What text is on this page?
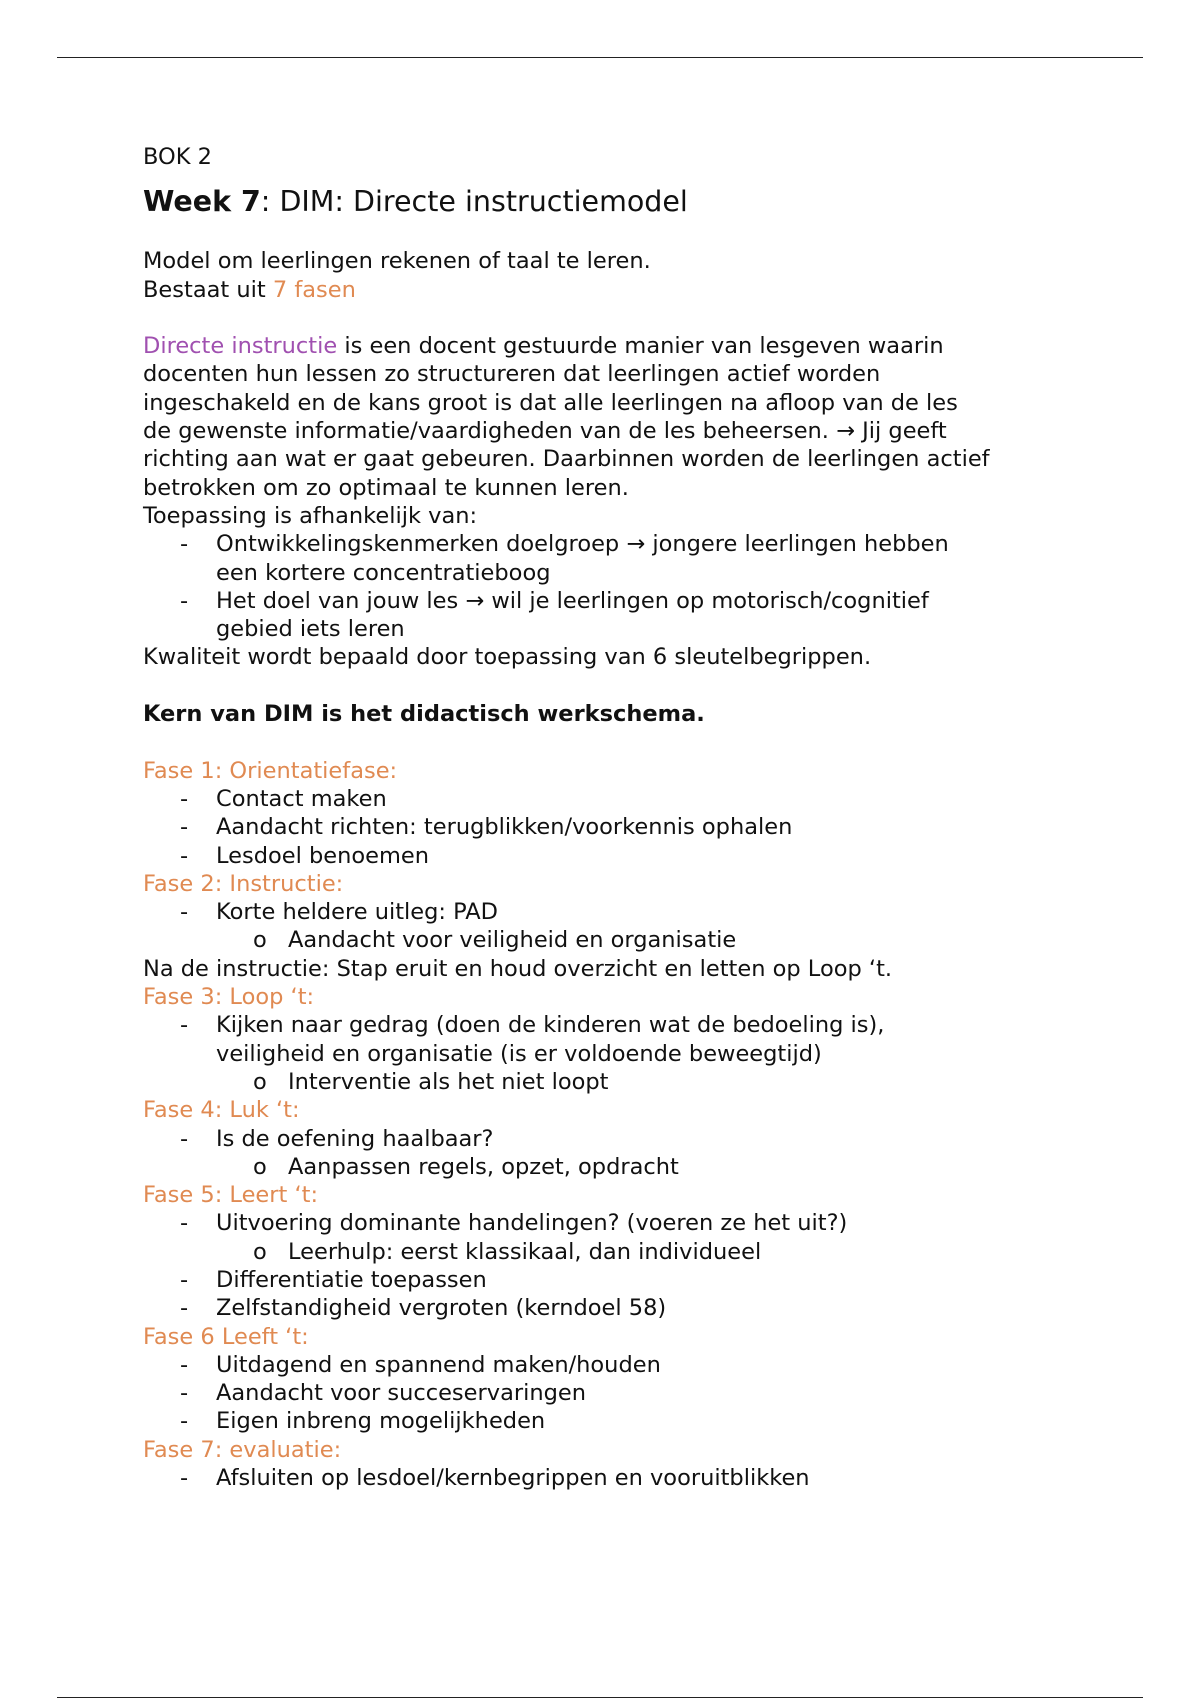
BOK 2
Week 7: DIM: Directe instructiemodel
Model om leerlingen rekenen of taal te leren.
Bestaat uit 7 fasen
Directe instructie is een docent gestuurde manier van lesgeven waarin
docenten hun lessen zo structureren dat leerlingen actief worden
ingeschakeld en de kans groot is dat alle leerlingen na afloop van de les
de gewenste informatie/vaardigheden van de les beheersen. → Jij geeft
richting aan wat er gaat gebeuren. Daarbinnen worden de leerlingen actief
betrokken om zo optimaal te kunnen leren.
Toepassing is afhankelijk van:
- Ontwikkelingskenmerken doelgroep → jongere leerlingen hebben
een kortere concentratieboog
- Het doel van jouw les → wil je leerlingen op motorisch/cognitief
gebied iets leren
Kwaliteit wordt bepaald door toepassing van 6 sleutelbegrippen.
Kern van DIM is het didactisch werkschema.
Fase 1: Orientatiefase:
- Contact maken
- Aandacht richten: terugblikken/voorkennis ophalen
- Lesdoel benoemen
Fase 2: Instructie:
- Korte heldere uitleg: PAD
o Aandacht voor veiligheid en organisatie
Na de instructie: Stap eruit en houd overzicht en letten op Loop ‘t.
Fase 3: Loop ‘t:
- Kijken naar gedrag (doen de kinderen wat de bedoeling is),
veiligheid en organisatie (is er voldoende beweegtijd)
o Interventie als het niet loopt
Fase 4: Luk ‘t:
- Is de oefening haalbaar?
o Aanpassen regels, opzet, opdracht
Fase 5: Leert ‘t:
- Uitvoering dominante handelingen? (voeren ze het uit?)
o Leerhulp: eerst klassikaal, dan individueel
- Differentiatie toepassen
- Zelfstandigheid vergroten (kerndoel 58)
Fase 6 Leeft ‘t:
- Uitdagend en spannend maken/houden
- Aandacht voor succeservaringen
- Eigen inbreng mogelijkheden
Fase 7: evaluatie:
- Afsluiten op lesdoel/kernbegrippen en vooruitblikken
